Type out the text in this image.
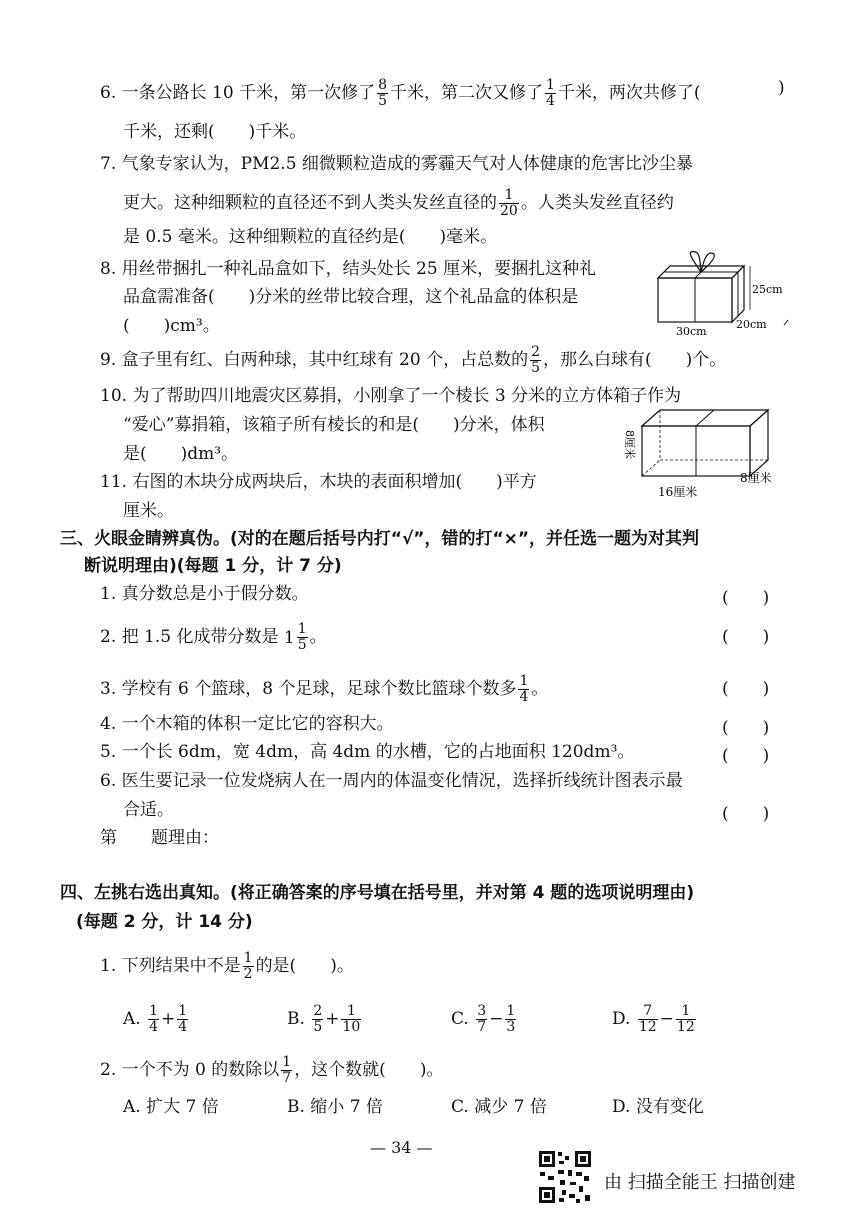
6. 一条公路长 10 千米，第一次修了 $\frac{8}{5}$ 千米，第二次又修了 $\frac{1}{4}$ 千米，两次共修了(	)
千米，还剩(　　)千米。
7. 气象专家认为，PM2.5 细微颗粒造成的雾霾天气对人体健康的危害比沙尘暴
更大。这种细颗粒的直径还不到人类头发丝直径的 $\frac{1}{20}$ 。人类头发丝直径约
是 0.5 毫米。这种细颗粒的直径约是(　　)毫米。
8. 用丝带捆扎一种礼品盒如下，结头处长 25 厘米，要捆扎这种礼
品盒需准备(　　)分米的丝带比较合理，这个礼品盒的体积是
(　　)cm³。
25cm
30cm
20cm
9. 盒子里有红、白两种球，其中红球有 20 个，占总数的 $\frac{2}{5}$ ，那么白球有(　　)个。
10. 为了帮助四川地震灾区募捐，小刚拿了一个棱长 3 分米的立方体箱子作为
“爱心”募捐箱，该箱子所有棱长的和是(　　)分米，体积
是(　　)dm³。
11. 右图的木块分成两块后，木块的表面积增加(　　)平方
厘米。
8厘米
16厘米
8厘米
三、火眼金睛辨真伪。(对的在题后括号内打“√”，错的打“×”，并任选一题为对其判
断说明理由)(每题 1 分，计 7 分)
1. 真分数总是小于假分数。	(　　)
2. 把 1.5 化成带分数是 $1 \frac{1}{5}$ 。	(　　)
3. 学校有 6 个篮球，8 个足球，足球个数比篮球个数多 $\frac{1}{4}$ 。	(　　)
4. 一个木箱的体积一定比它的容积大。	(　　)
5. 一个长 6dm，宽 4dm，高 4dm 的水槽，它的占地面积 120dm³。	(　　)
6. 医生要记录一位发烧病人在一周内的体温变化情况，选择折线统计图表示最
合适。	(　　)
第　　题理由：
四、左挑右选出真知。(将正确答案的序号填在括号里，并对第 4 题的选项说明理由)
(每题 2 分，计 14 分)
1. 下列结果中不是 $\frac{1}{2}$ 的是(　　)。
A. $\frac{1}{4} + \frac{1}{4}$	B. $\frac{2}{5} + \frac{1}{10}$	C. $\frac{3}{7} - \frac{1}{3}$	D. $\frac{7}{12} - \frac{1}{12}$
2. 一个不为 0 的数除以 $\frac{1}{7}$ ，这个数就(　　)。
A. 扩大 7 倍	B. 缩小 7 倍	C. 减少 7 倍	D. 没有变化
— 34 —
由 扫描全能王 扫描创建
